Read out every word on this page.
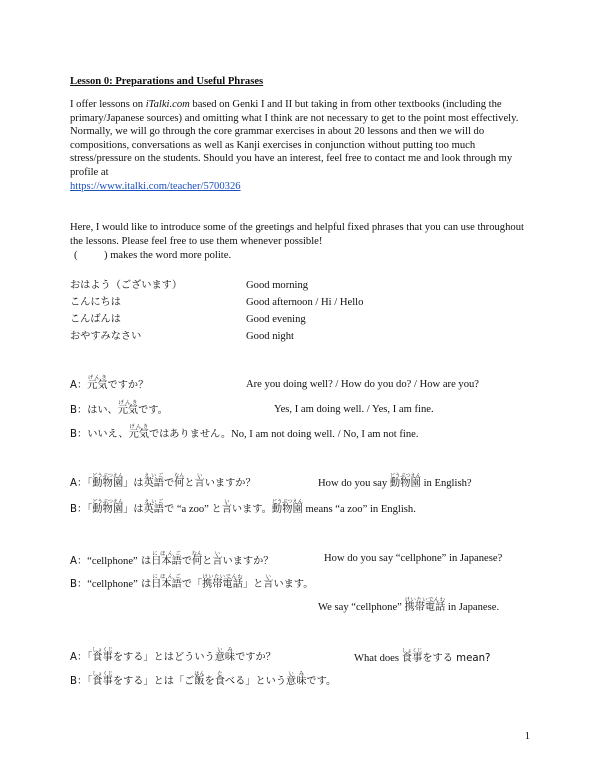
Lesson 0: Preparations and Useful Phrases
I offer lessons on iTalki.com based on Genki I and II but taking in from other textbooks (including the primary/Japanese sources) and omitting what I think are not necessary to get to the point most effectively. Normally, we will go through the core grammar exercises in about 20 lessons and then we will do compositions, conversations as well as Kanji exercises in conjunction without putting too much stress/pressure on the students. Should you have an interest, feel free to contact me and look through my profile at
https://www.italki.com/teacher/5700326
Here, I would like to introduce some of the greetings and helpful fixed phrases that you can use throughout the lessons. Please feel free to use them whenever possible!
(          ) makes the word more polite.
おはよう（ございます）	Good morning
こんにちは	Good afternoon / Hi / Hello
こんばんは	Good evening
おやすみなさい	Good night
A：元気げんきですか？	Are you doing well? / How do you do? / How are you?
B：はい、元気げんきです。	Yes, I am doing well. / Yes, I am fine.
B：いいえ、元気げんきではありません。No, I am not doing well. / No, I am not fine.
A：「動物園どうぶつえん」は英語えいごで何なんと言いいますか？	How do you say 動物園どうぶつえん in English?
B：「動物園どうぶつえん」は英語えいごで “a zoo” と言いいます。動物園どうぶつえん means “a zoo” in English.
A：“cellphone” は日本語にほんごで何なんと言いいますか？	How do you say “cellphone” in Japanese?
B：“cellphone” は日本語にほんごで「携帯電話けいたいでんわ」と言いいます。
We say “cellphone” 携帯電話けいたいでんわ in Japanese.
A：「食事しょくじをする」とはどういう意味いみですか？	What does 食事しょくじをする mean?
B：「食事しょくじをする」とは「ご飯はんを食たべる」という意味いみです。
1
